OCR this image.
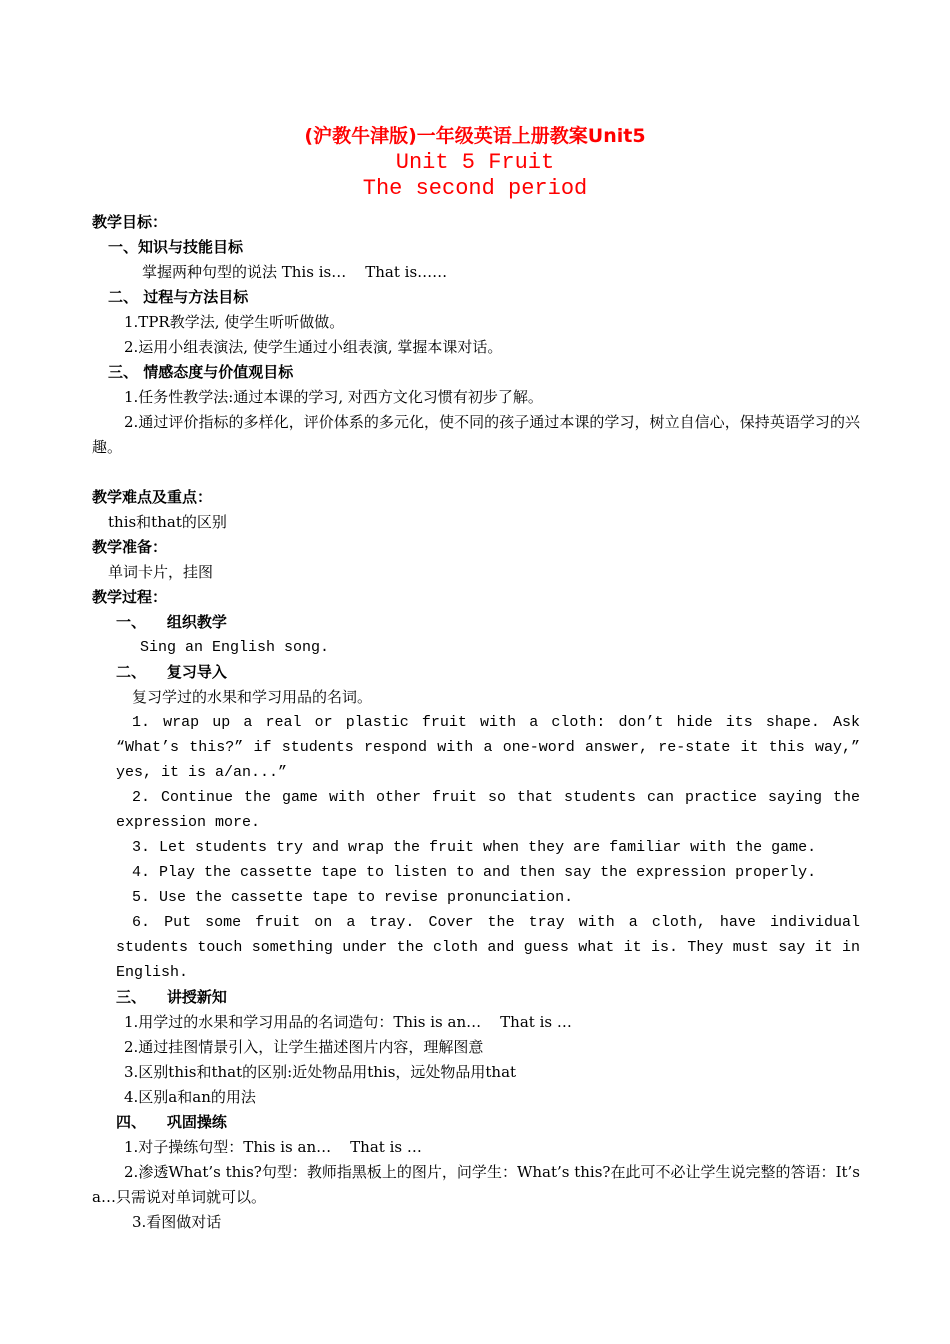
(沪教牛津版)一年级英语上册教案Unit5
Unit 5 Fruit
The second period
教学目标：
一、知识与技能目标
掌握两种句型的说法 This is…    That is……
二、 过程与方法目标
1.TPR教学法, 使学生听听做做。
2.运用小组表演法, 使学生通过小组表演, 掌握本课对话。
三、 情感态度与价值观目标
1.任务性教学法:通过本课的学习, 对西方文化习惯有初步了解。
2.通过评价指标的多样化，评价体系的多元化，使不同的孩子通过本课的学习，树立自信心，保持英语学习的兴趣。
教学难点及重点：
this和that的区别
教学准备：
单词卡片，挂图
教学过程：
一、    组织教学
Sing an English song.
二、    复习导入
复习学过的水果和学习用品的名词。
1. wrap up a real or plastic fruit with a cloth: don’t hide its shape. Ask “What’s this?” if students respond with a one-word answer, re-state it this way,” yes, it is a/an...”
2. Continue the game with other fruit so that students can practice saying the expression more.
3. Let students try and wrap the fruit when they are familiar with the game.
4. Play the cassette tape to listen to and then say the expression properly.
5. Use the cassette tape to revise pronunciation.
6. Put some fruit on a tray. Cover the tray with a cloth, have individual students touch something under the cloth and guess what it is. They must say it in English.
三、    讲授新知
1.用学过的水果和学习用品的名词造句：This is an…    That is …
2.通过挂图情景引入，让学生描述图片内容，理解图意
3.区别this和that的区别:近处物品用this，远处物品用that
4.区别a和an的用法
四、    巩固操练
1.对子操练句型：This is an…    That is …
2.渗透What’s this?句型：教师指黑板上的图片，问学生：What’s this?在此可不必让学生说完整的答语：It’s a…只需说对单词就可以。
3.看图做对话
